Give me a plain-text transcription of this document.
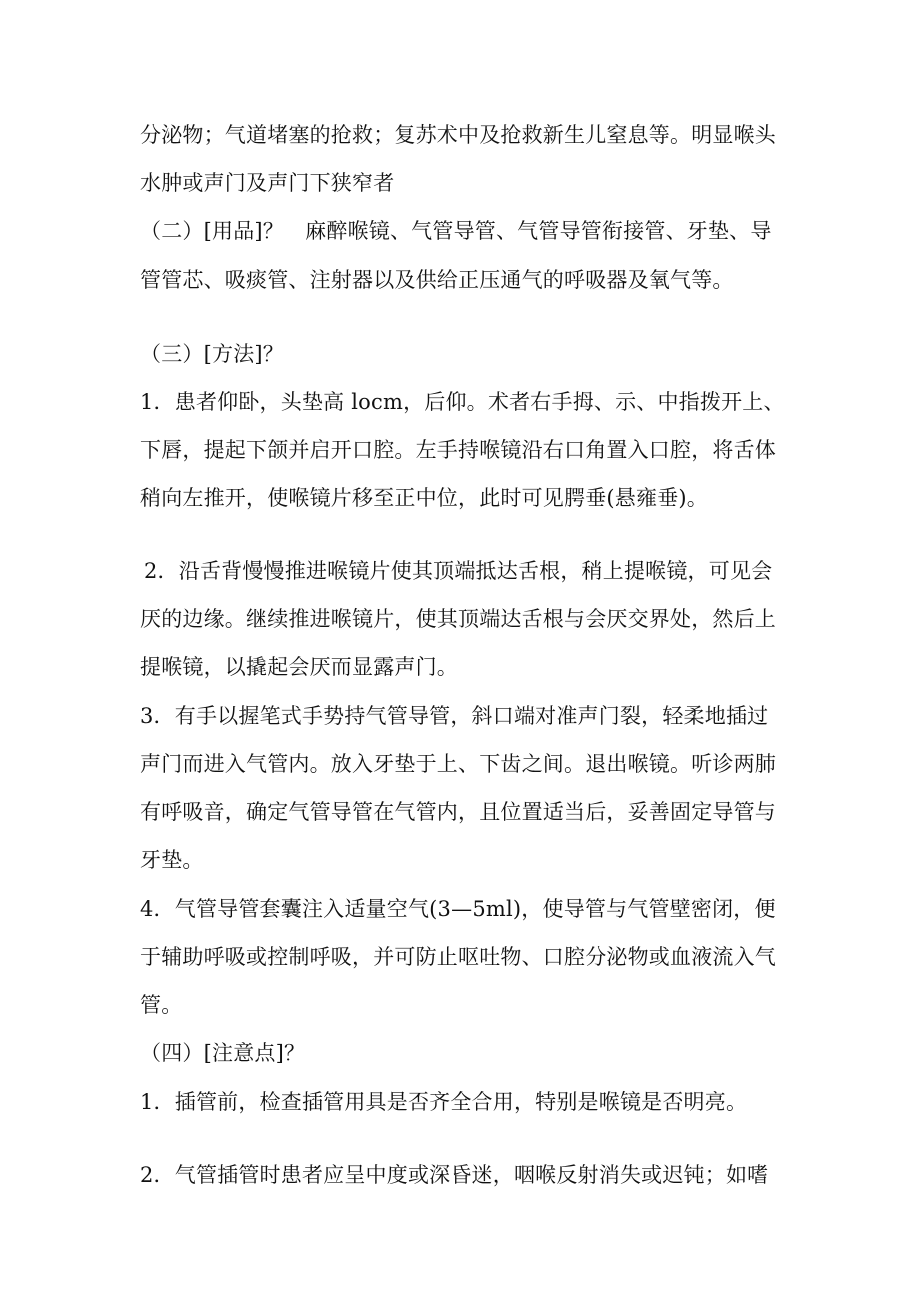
分泌物；气道堵塞的抢救；复苏术中及抢救新生儿窒息等。明显喉头
水肿或声门及声门下狭窄者
（二）[用品]？　麻醉喉镜、气管导管、气管导管衔接管、牙垫、导
管管芯、吸痰管、注射器以及供给正压通气的呼吸器及氧气等。
（三）[方法]？
1．患者仰卧，头垫高 locm，后仰。术者右手拇、示、中指拨开上、
下唇，提起下颌并启开口腔。左手持喉镜沿右口角置入口腔，将舌体
稍向左推开，使喉镜片移至正中位，此时可见腭垂(悬雍垂)。
2．沿舌背慢慢推进喉镜片使其顶端抵达舌根，稍上提喉镜，可见会
厌的边缘。继续推进喉镜片，使其顶端达舌根与会厌交界处，然后上
提喉镜，以撬起会厌而显露声门。
3．有手以握笔式手势持气管导管，斜口端对准声门裂，轻柔地插过
声门而进入气管内。放入牙垫于上、下齿之间。退出喉镜。听诊两肺
有呼吸音，确定气管导管在气管内，且位置适当后，妥善固定导管与
牙垫。
4．气管导管套囊注入适量空气(3—5ml)，使导管与气管壁密闭，便
于辅助呼吸或控制呼吸，并可防止呕吐物、口腔分泌物或血液流入气
管。
（四）[注意点]？
1．插管前，检查插管用具是否齐全合用，特别是喉镜是否明亮。
2．气管插管时患者应呈中度或深昏迷，咽喉反射消失或迟钝；如嗜
